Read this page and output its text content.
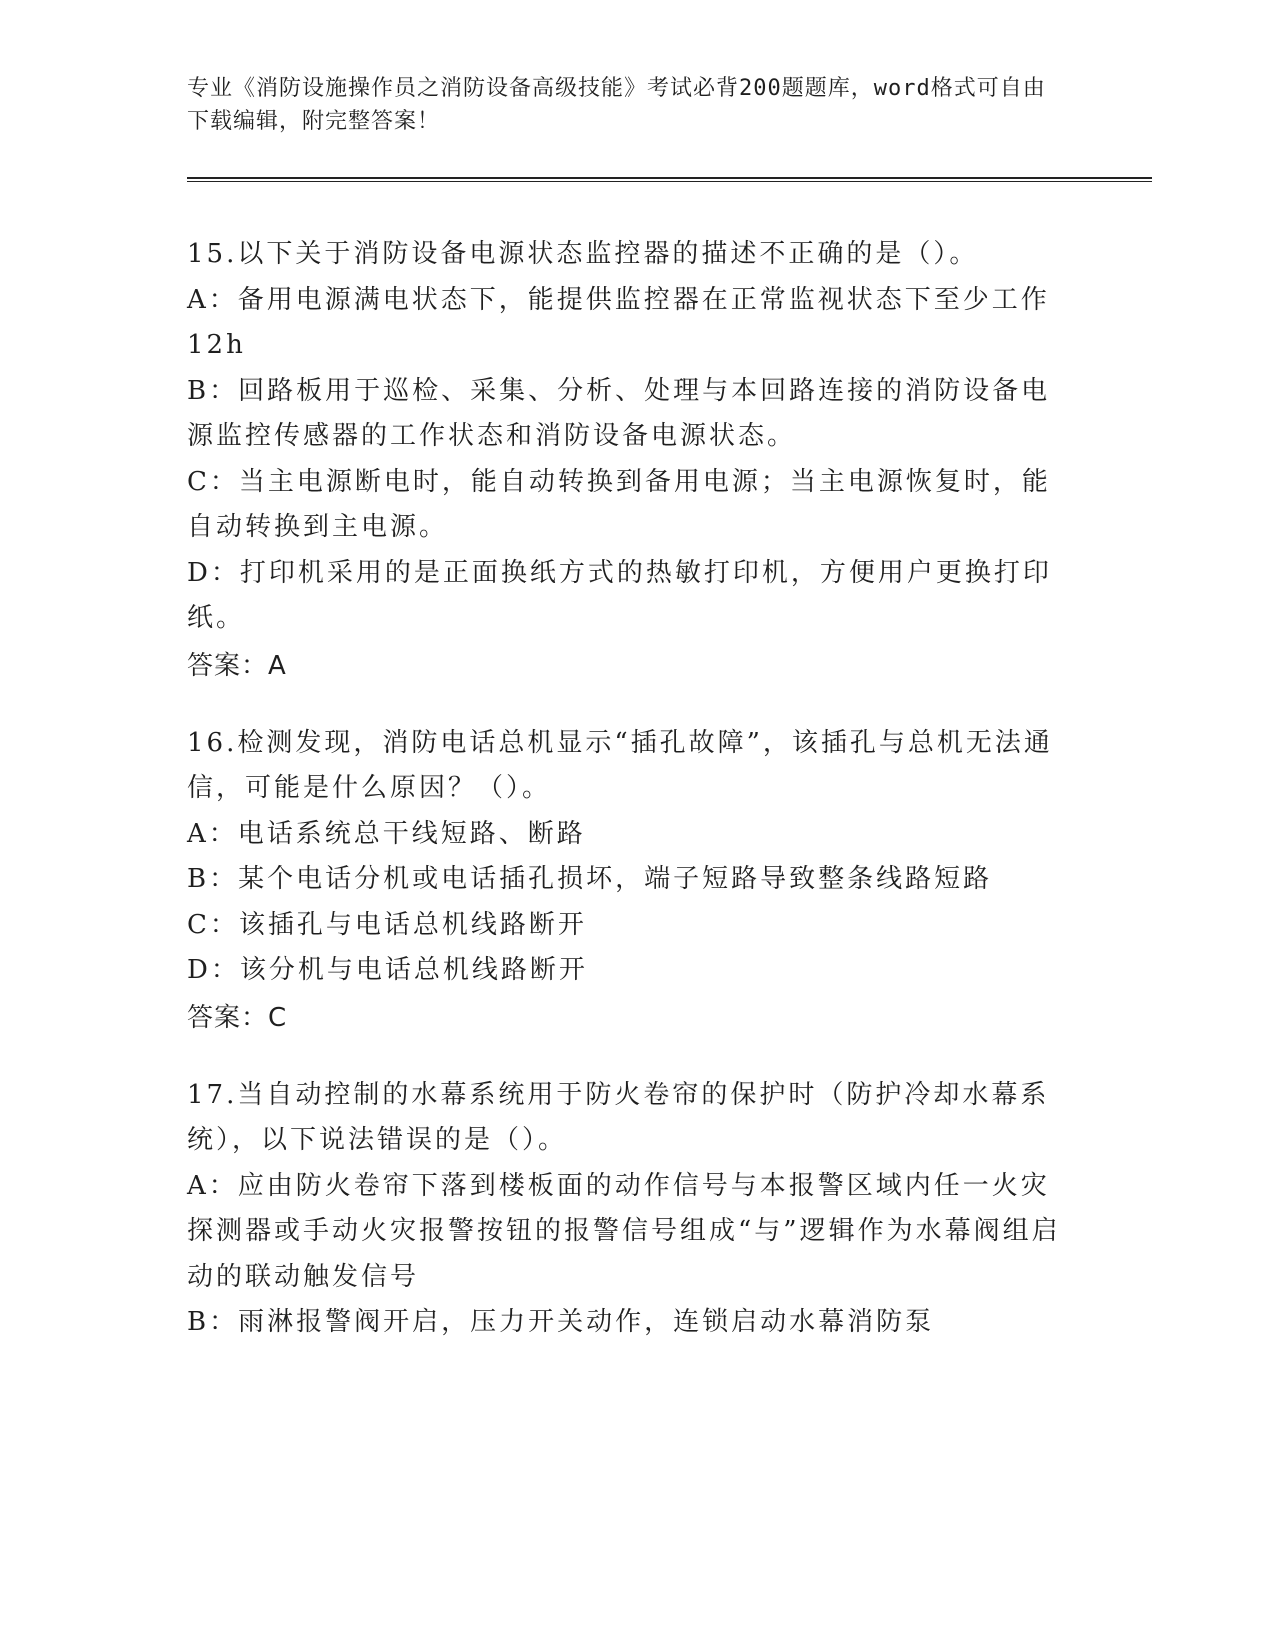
专业《消防设施操作员之消防设备高级技能》考试必背200题题库，word格式可自由下载编辑，附完整答案！
15.以下关于消防设备电源状态监控器的描述不正确的是（）。
A：备用电源满电状态下，能提供监控器在正常监视状态下至少工作12h
B：回路板用于巡检、采集、分析、处理与本回路连接的消防设备电源监控传感器的工作状态和消防设备电源状态。
C：当主电源断电时，能自动转换到备用电源；当主电源恢复时，能自动转换到主电源。
D：打印机采用的是正面换纸方式的热敏打印机，方便用户更换打印纸。
答案：A
16.检测发现，消防电话总机显示“插孔故障”，该插孔与总机无法通信，可能是什么原因？（）。
A：电话系统总干线短路、断路
B：某个电话分机或电话插孔损坏，端子短路导致整条线路短路
C：该插孔与电话总机线路断开
D：该分机与电话总机线路断开
答案：C
17.当自动控制的水幕系统用于防火卷帘的保护时（防护冷却水幕系统），以下说法错误的是（）。
A：应由防火卷帘下落到楼板面的动作信号与本报警区域内任一火灾探测器或手动火灾报警按钮的报警信号组成“与”逻辑作为水幕阀组启动的联动触发信号
B：雨淋报警阀开启，压力开关动作，连锁启动水幕消防泵
